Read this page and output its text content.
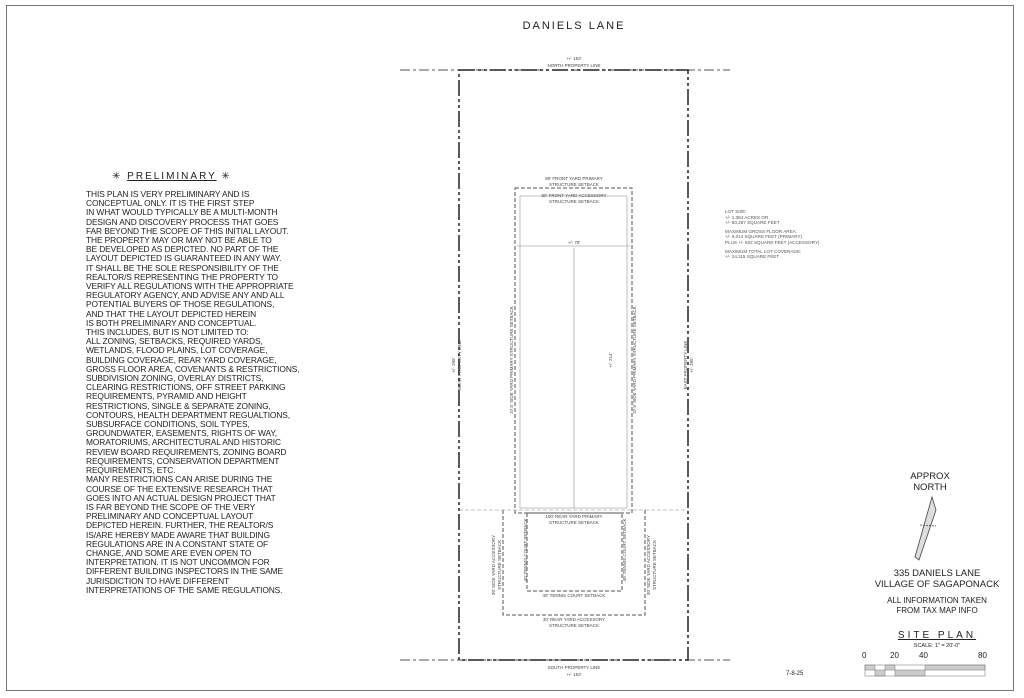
DANIELS LANE
✳ PRELIMINARY ✳
THIS PLAN IS VERY PRELIMINARY AND IS
CONCEPTUAL ONLY. IT IS THE FIRST STEP
IN WHAT WOULD TYPICALLY BE A MULTI-MONTH
DESIGN AND DISCOVERY PROCESS THAT GOES
FAR BEYOND THE SCOPE OF THIS INITIAL LAYOUT.
THE PROPERTY MAY OR MAY NOT BE ABLE TO
BE DEVELOPED AS DEPICTED. NO PART OF THE
LAYOUT DEPICTED IS GUARANTEED IN ANY WAY.
IT SHALL BE THE SOLE RESPONSIBILITY OF THE
REALTOR/S REPRESENTING THE PROPERTY TO
VERIFY ALL REGULATIONS WITH THE APPROPRIATE
REGULATORY AGENCY, AND ADVISE ANY AND ALL
POTENTIAL BUYERS OF THOSE REGULATIONS,
AND THAT THE LAYOUT DEPICTED HEREIN
IS BOTH PRELIMINARY AND CONCEPTUAL.
THIS INCLUDES, BUT IS NOT LIMITED TO:
ALL ZONING, SETBACKS, REQUIRED YARDS,
WETLANDS, FLOOD PLAINS, LOT COVERAGE,
BUILDING COVERAGE, REAR YARD COVERAGE,
GROSS FLOOR AREA, COVENANTS & RESTRICTIONS,
SUBDIVISION ZONING, OVERLAY DISTRICTS,
CLEARING RESTRICTIONS, OFF STREET PARKING
REQUIREMENTS, PYRAMID AND HEIGHT
RESTRICTIONS, SINGLE & SEPARATE ZONING,
CONTOURS, HEALTH DEPARTMENT REGUALTIONS,
SUBSURFACE CONDITIONS, SOIL TYPES,
GROUNDWATER, EASEMENTS, RIGHTS OF WAY,
MORATORIUMS, ARCHITECTURAL AND HISTORIC
REVIEW BOARD REQUIREMENTS, ZONING BOARD
REQUIREMENTS, CONSERVATION DEPARTMENT
REQUIREMENTS, ETC.
MANY RESTRICTIONS CAN ARISE DURING THE
COURSE OF THE EXTENSIVE RESEARCH THAT
GOES INTO AN ACTUAL DESIGN PROJECT THAT
IS FAR BEYOND THE SCOPE OF THE VERY
PRELIMINARY AND CONCEPTUAL LAYOUT
DEPICTED HEREIN. FURTHER, THE REALTOR/S
IS/ARE HEREBY MADE AWARE THAT BUILDING
REGULATIONS ARE IN A CONSTANT STATE OF
CHANGE, AND SOME ARE EVEN OPEN TO
INTERPRETATION. IT IS NOT UNCOMMON FOR
DIFFERENT BUILDING INSPECTORS IN THE SAME
JURISDICTION TO HAVE DIFFERENT
INTERPRETATIONS OF THE SAME REGULATIONS.
LOT SIZE:
+/- 1.384 ACRES OR
+/- 60,287 SQUARE FEET
MAXIMUM GROSS FLOOR AREA:
+/- 6,014 SQUARE FEET (PRIMARY)
PLUS +/- 602 SQUARE FEET (ACCESSORY)
MAXIMUM TOTAL LOT COVERAGE:
+/- 24,115 SQUARE FEET
+/- 153'
NORTH PROPERTY LINE
SOUTH PROPERTY LINE
+/- 153'
80' FRONT YARD PRIMARY
STRUCTURE SETBACK
80' FRONT YARD ACCESSORY
STRUCTURE SETBACK
+/- 78'
100' REAR YARD PRIMARY
STRUCTURE SETBACK
40' TENNIS COURT SETBACK
30' REAR YARD ACCESSORY
STRUCTURE SETBACK
+/- 395' WEST PROPERTY LINE	EAST PROPERTY LINE +/- 395'
37.5' SIDE YARD PRIMARY STRUCTURE SETBACK	37.5' SIDE YARD PRIMARY STRUCTURE SETBACK
+/- 214'
40' TENNIS COURT SETBACK	40' TENNIS COURT SETBACK
30' SIDE YARD ACCESSORY STRUCTURE SETBACK	30' SIDE YARD ACCESSORY STRUCTURE SETBACK
APPROX
NORTH
335 DANIELS LANE
VILLAGE OF SAGAPONACK
ALL INFORMATION TAKEN
FROM TAX MAP INFO
SITE PLAN
SCALE: 1" = 20'-0"
0	20	40	80
7-8-25
